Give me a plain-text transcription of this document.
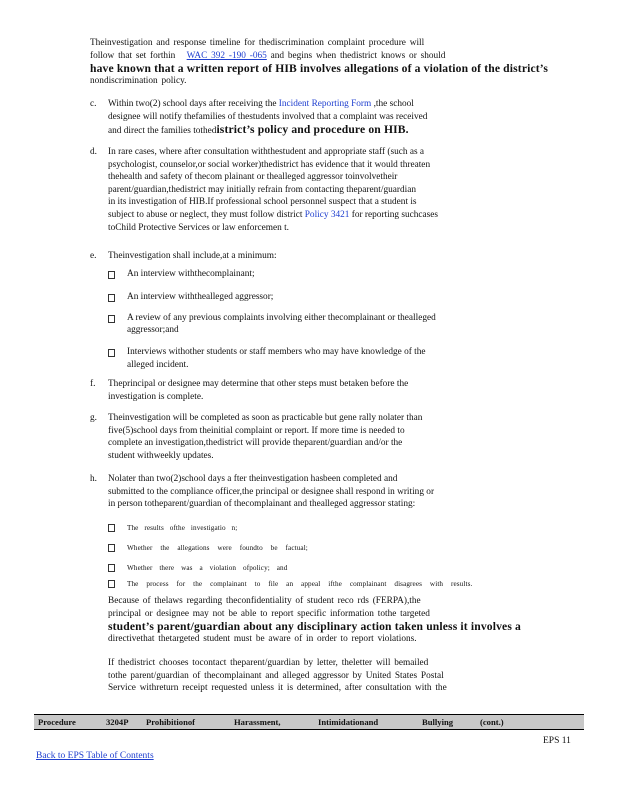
Theinvestigation and response timeline for thediscrimination complaint procedure will
follow that set forthin WAC 392 -190 -065 and begins when thedistrict knows or should
have known that a written report of HIB involves allegations of a violation of the district’s
nondiscrimination policy.
c.	Within two(2) school days after receiving the Incident Reporting Form ,the school
designee will notify thefamilies of thestudents involved that a complaint was received
and direct the families tothedistrict’s policy and procedure on HIB.
d.	In rare cases, where after consultation withthestudent and appropriate staff (such as a
psychologist, counselor,or social worker)thedistrict has evidence that it would threaten
thehealth and safety of thecom plainant or thealleged aggressor toinvolvetheir
parent/guardian,thedistrict may initially refrain from contacting theparent/guardian
in its investigation of HIB.If professional school personnel suspect that a student is
subject to abuse or neglect, they must follow district Policy 3421 for reporting suchcases
toChild Protective Services or law enforcemen t.
e.	Theinvestigation shall include,at a minimum:
An interview withthecomplainant;
An interview withthealleged aggressor;
A review of any previous complaints involving either thecomplainant or thealleged
aggressor;and
Interviews withother students or staff members who may have knowledge of the
alleged incident.
f.	Theprincipal or designee may determine that other steps must betaken before the
investigation is complete.
g.	Theinvestigation will be completed as soon as practicable but gene rally nolater than
five(5)school days from theinitial complaint or report. If more time is needed to
complete an investigation,thedistrict will provide theparent/guardian and/or the
student withweekly updates.
h.	Nolater than two(2)school days a fter theinvestigation hasbeen completed and
submitted to the compliance officer,the principal or designee shall respond in writing or
in person totheparent/guardian of thecomplainant and thealleged aggressor stating:
The results ofthe investigatio n;
Whether the allegations were foundto be factual;
Whether there was a violation ofpolicy; and
The process for the complainant to file an appeal ifthe complainant disagrees with results.
Because of thelaws regarding theconfidentiality of student reco rds (FERPA),the
principal or designee may not be able to report specific information tothe targeted
student’s parent/guardian about any disciplinary action taken unless it involves a
directivethat thetargeted student must be aware of in order to report violations.
If thedistrict chooses tocontact theparent/guardian by letter, theletter will bemailed
tothe parent/guardian of thecomplainant and alleged aggressor by United States Postal
Service withreturn receipt requested unless it is determined, after consultation with the
Procedure	3204P Prohibitionof	Harassment,	Intimidationand	Bullying	(cont.)
EPS 11
Back to EPS Table of Contents
